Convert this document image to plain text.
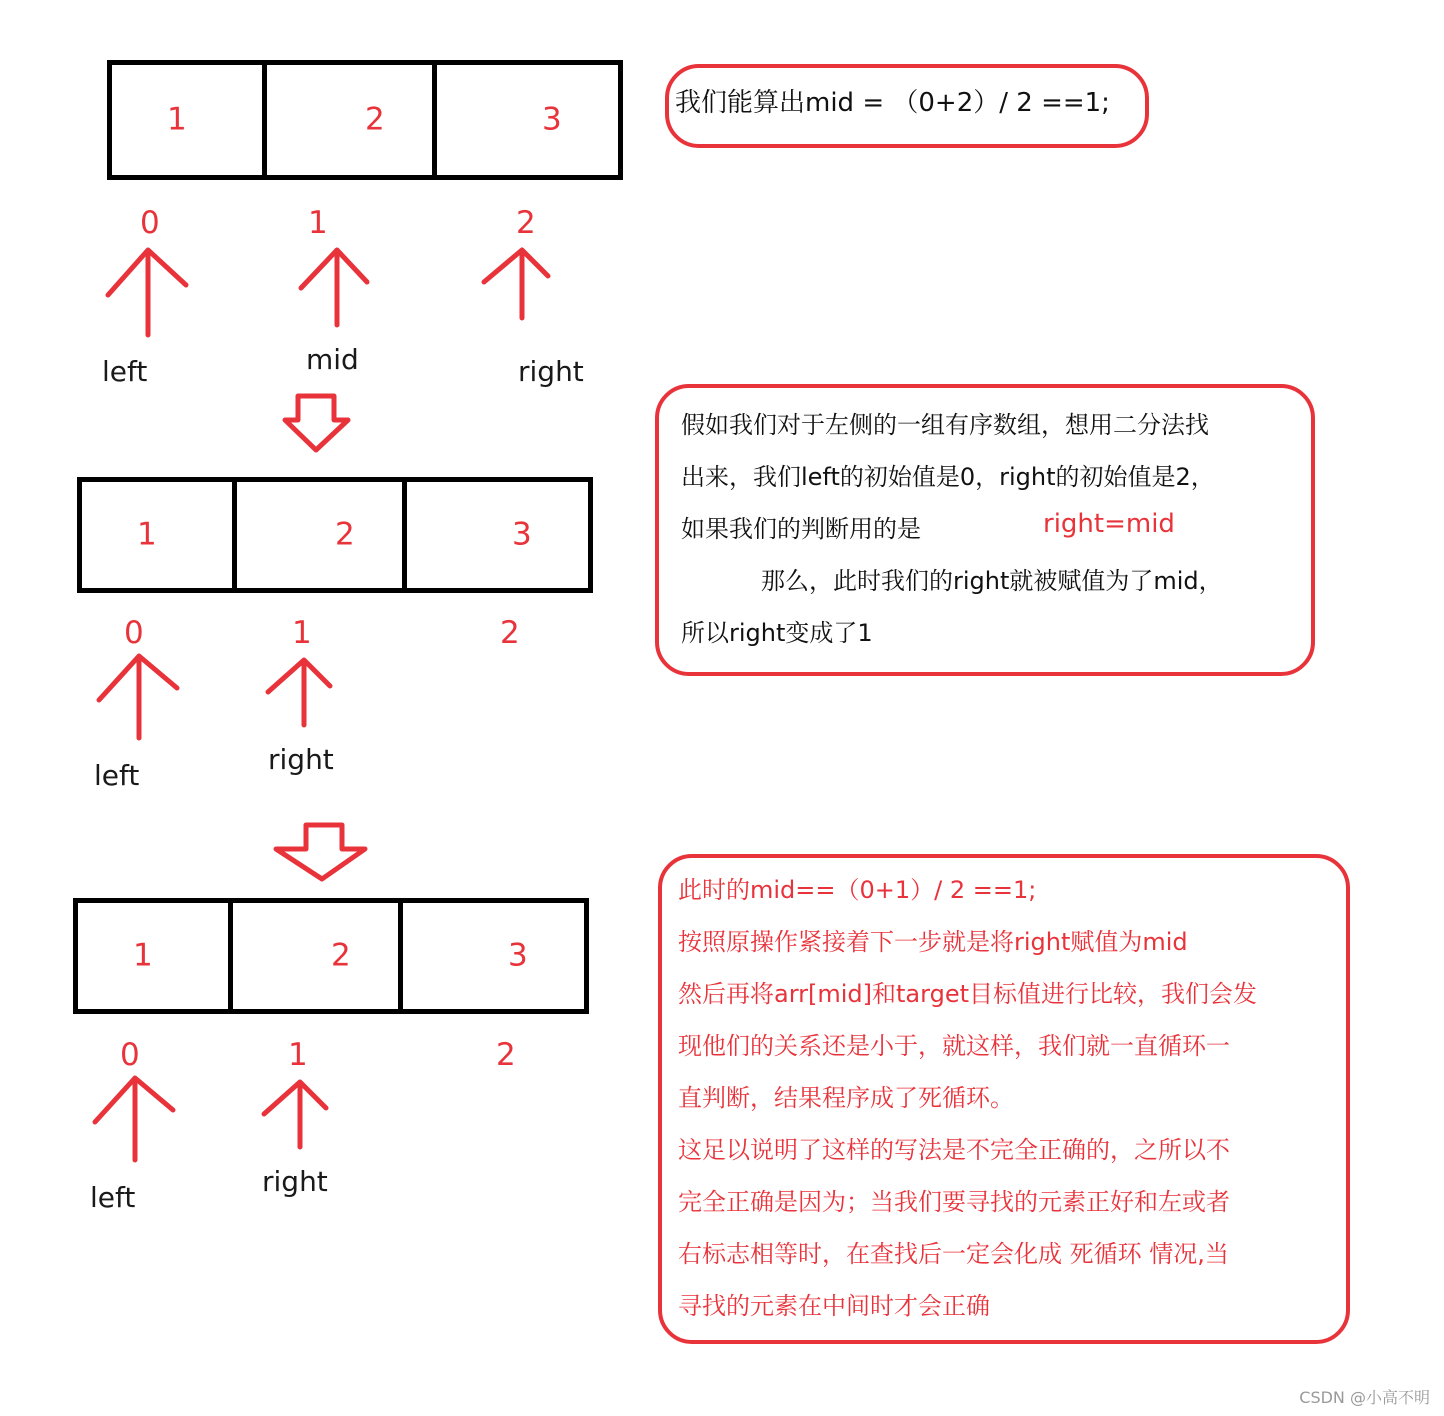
1	2	3
0	1	2
left	mid	right
1	2	3
0	1	2
left	right
1	2	3
0	1	2
left	right
我们能算出mid = （0+2）/ 2 ==1;
假如我们对于左侧的一组有序数组，想用二分法找
出来，我们left的初始值是0，right的初始值是2，
如果我们的判断用的是	right=mid
那么，此时我们的right就被赋值为了mid，
所以right变成了1
此时的mid==（0+1）/ 2 ==1;
按照原操作紧接着下一步就是将right赋值为mid
然后再将arr[mid]和target目标值进行比较，我们会发
现他们的关系还是小于，就这样，我们就一直循环一
直判断，结果程序成了死循环。
这足以说明了这样的写法是不完全正确的，之所以不
完全正确是因为；当我们要寻找的元素正好和左或者
右标志相等时，在查找后一定会化成 死循环 情况,当
寻找的元素在中间时才会正确
CSDN @小高不明
